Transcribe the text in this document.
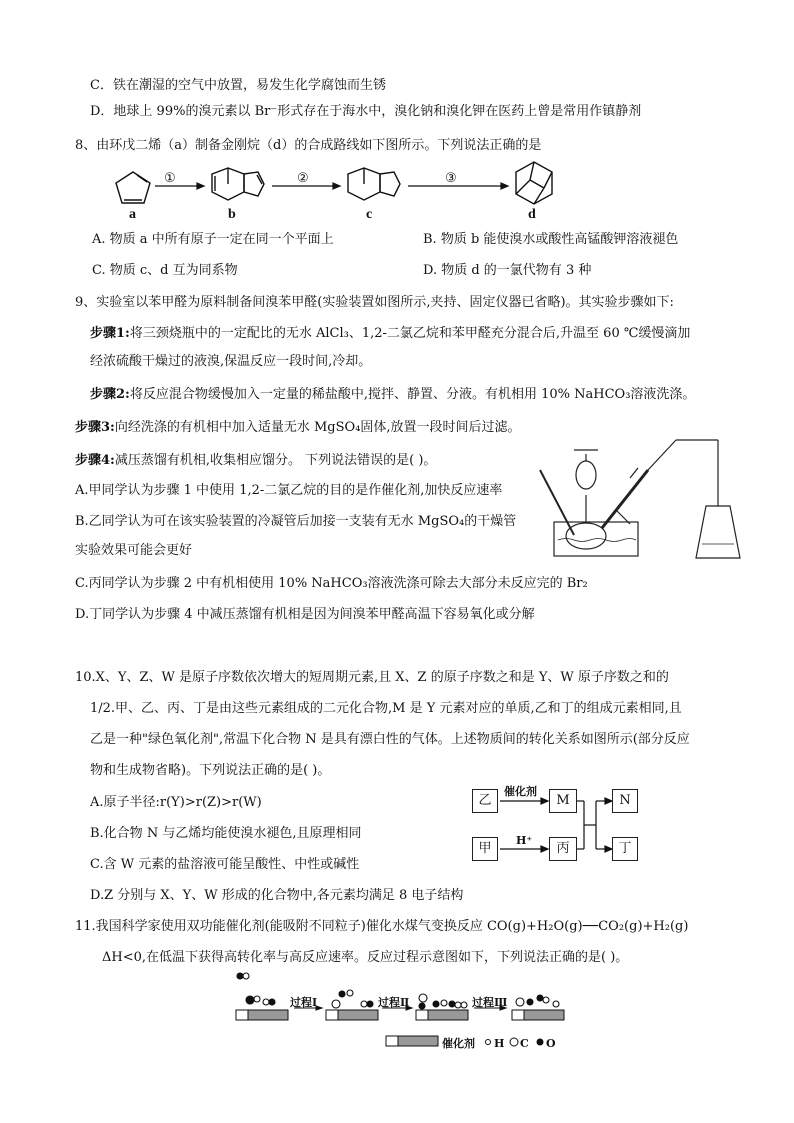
C．铁在潮湿的空气中放置，易发生化学腐蚀而生锈
D．地球上 99%的溴元素以 Br⁻形式存在于海水中，溴化钠和溴化钾在医药上曾是常用作镇静剂
8、由环戊二烯（a）制备金刚烷（d）的合成路线如下图所示。下列说法正确的是
①	②	③
a	b	c	d
A. 物质 a 中所有原子一定在同一个平面上	B. 物质 b 能使溴水或酸性高锰酸钾溶液褪色
C. 物质 c、d 互为同系物	D. 物质 d 的一氯代物有 3 种
9、实验室以苯甲醛为原料制备间溴苯甲醛(实验装置如图所示,夹持、固定仪器已省略)。其实验步骤如下:
步骤1:将三颈烧瓶中的一定配比的无水 AlCl₃、1,2-二氯乙烷和苯甲醛充分混合后,升温至 60 ℃缓慢滴加
经浓硫酸干燥过的液溴,保温反应一段时间,冷却。
步骤2:将反应混合物缓慢加入一定量的稀盐酸中,搅拌、静置、分液。有机相用 10% NaHCO₃溶液洗涤。
步骤3:向经洗涤的有机相中加入适量无水 MgSO₄固体,放置一段时间后过滤。
步骤4:减压蒸馏有机相,收集相应馏分。 下列说法错误的是( )。
A.甲同学认为步骤 1 中使用 1,2-二氯乙烷的目的是作催化剂,加快反应速率
B.乙同学认为可在该实验装置的冷凝管后加接一支装有无水 MgSO₄的干燥管
实验效果可能会更好
C.丙同学认为步骤 2 中有机相使用 10% NaHCO₃溶液洗涤可除去大部分未反应完的 Br₂
D.丁同学认为步骤 4 中减压蒸馏有机相是因为间溴苯甲醛高温下容易氧化或分解
10.X、Y、Z、W 是原子序数依次增大的短周期元素,且 X、Z 的原子序数之和是 Y、W 原子序数之和的
1/2.甲、乙、丙、丁是由这些元素组成的二元化合物,M 是 Y 元素对应的单质,乙和丁的组成元素相同,且
乙是一种"绿色氧化剂",常温下化合物 N 是具有漂白性的气体。上述物质间的转化关系如图所示(部分反应
物和生成物省略)。下列说法正确的是( )。
A.原子半径:r(Y)>r(Z)>r(W)
B.化合物 N 与乙烯均能使溴水褪色,且原理相同
C.含 W 元素的盐溶液可能呈酸性、中性或碱性
D.Z 分别与 X、Y、W 形成的化合物中,各元素均满足 8 电子结构
乙	M	N
甲	丙	丁
催化剂
H⁺
11.我国科学家使用双功能催化剂(能吸附不同粒子)催化水煤气变换反应 CO(g)+H₂O(g)──CO₂(g)+H₂(g)
ΔH<0,在低温下获得高转化率与高反应速率。反应过程示意图如下，下列说法正确的是( )。
过程Ⅰ	过程Ⅱ	过程Ⅲ
催化剂 H C O
